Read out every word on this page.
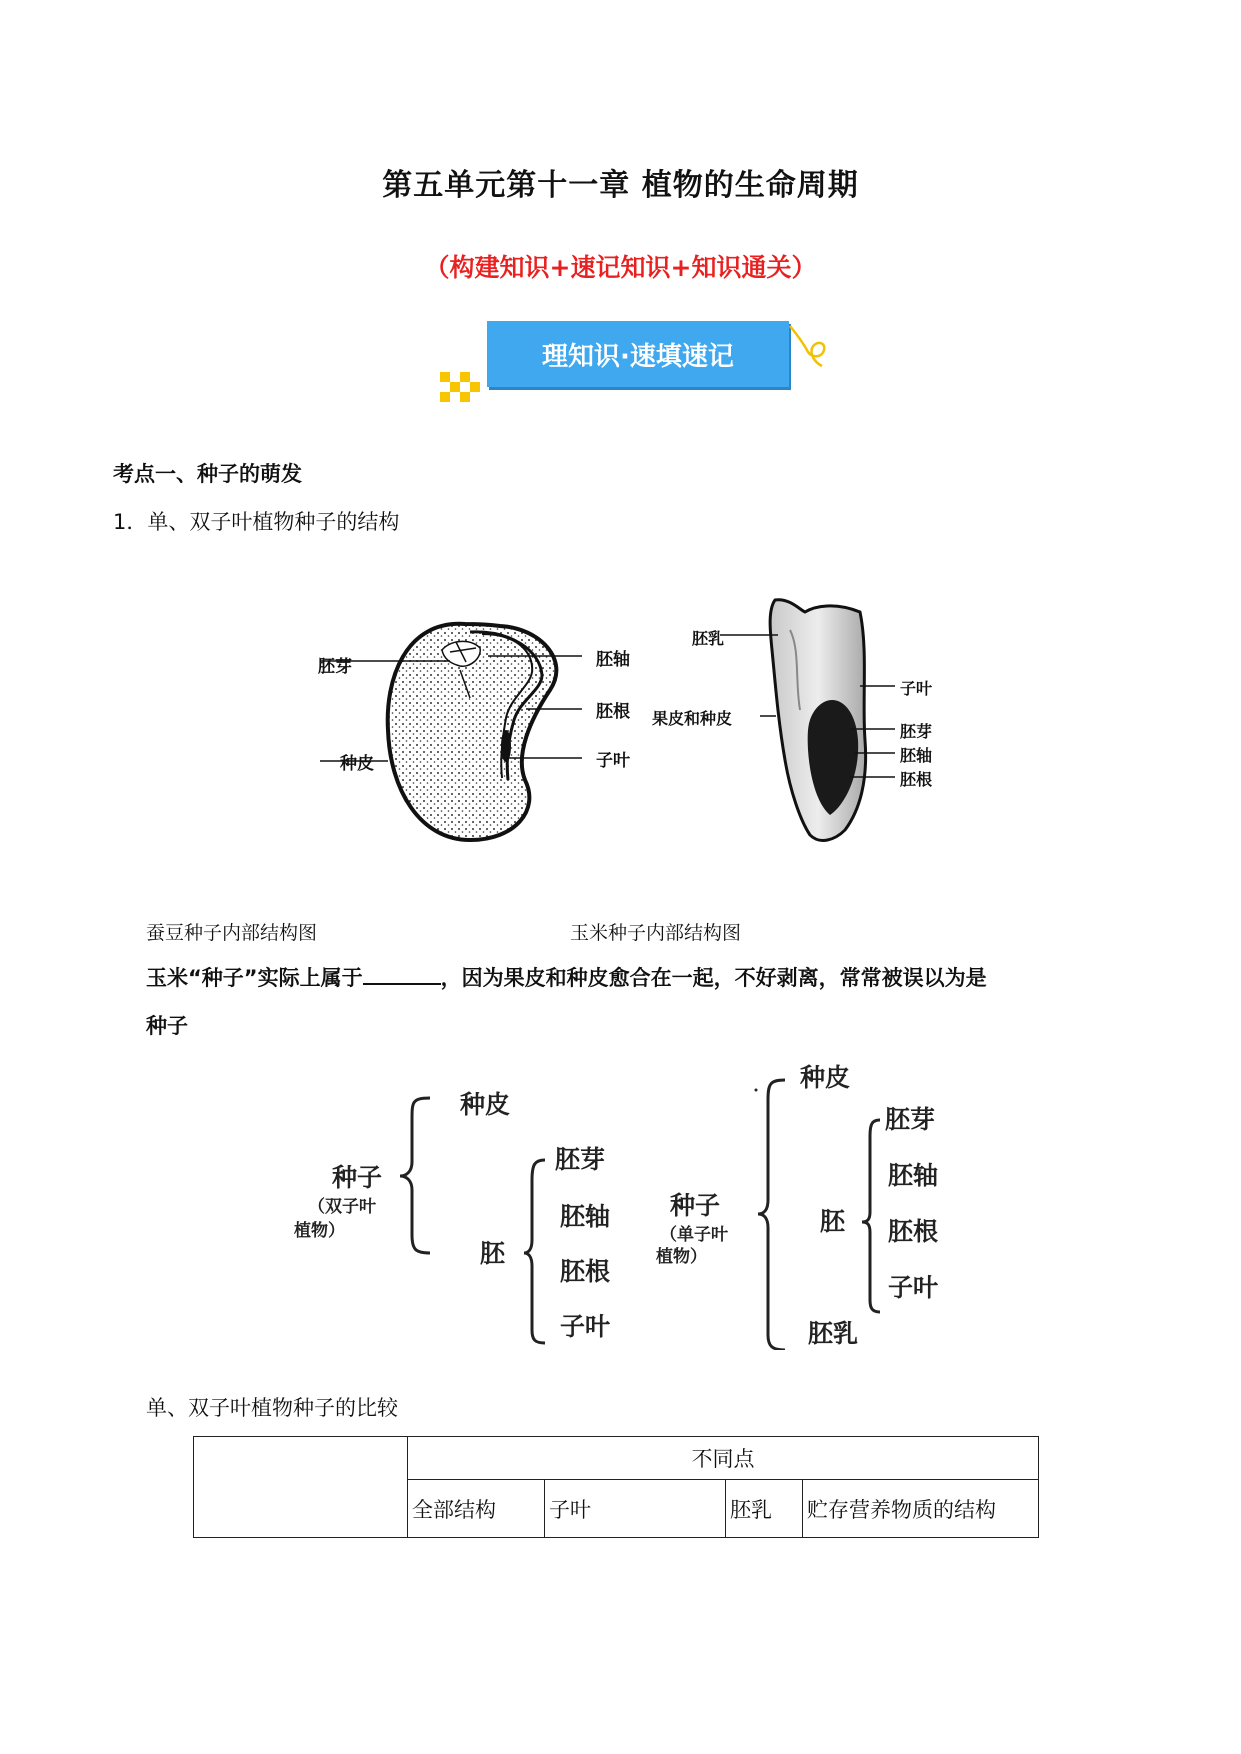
第五单元第十一章 植物的生命周期
（构建知识+速记知识+知识通关）
理知识·速填速记
考点一、种子的萌发
1．单、双子叶植物种子的结构
胚芽	胚轴
胚根
种皮	子叶
胚乳
果皮和种皮
子叶
胚芽
胚轴
胚根
蚕豆种子内部结构图	玉米种子内部结构图
玉米“种子”实际上属于	，因为果皮和种皮愈合在一起，不好剥离，常常被误以为是
种子
种子
（双子叶
植物）
种皮
胚
胚芽
胚轴
胚根
子叶
种子
（单子叶
植物）
种皮
胚
胚乳
胚芽
胚轴
胚根
子叶
单、双子叶植物种子的比较
	不同点			
	全部结构	子叶	胚乳	贮存营养物质的结构
